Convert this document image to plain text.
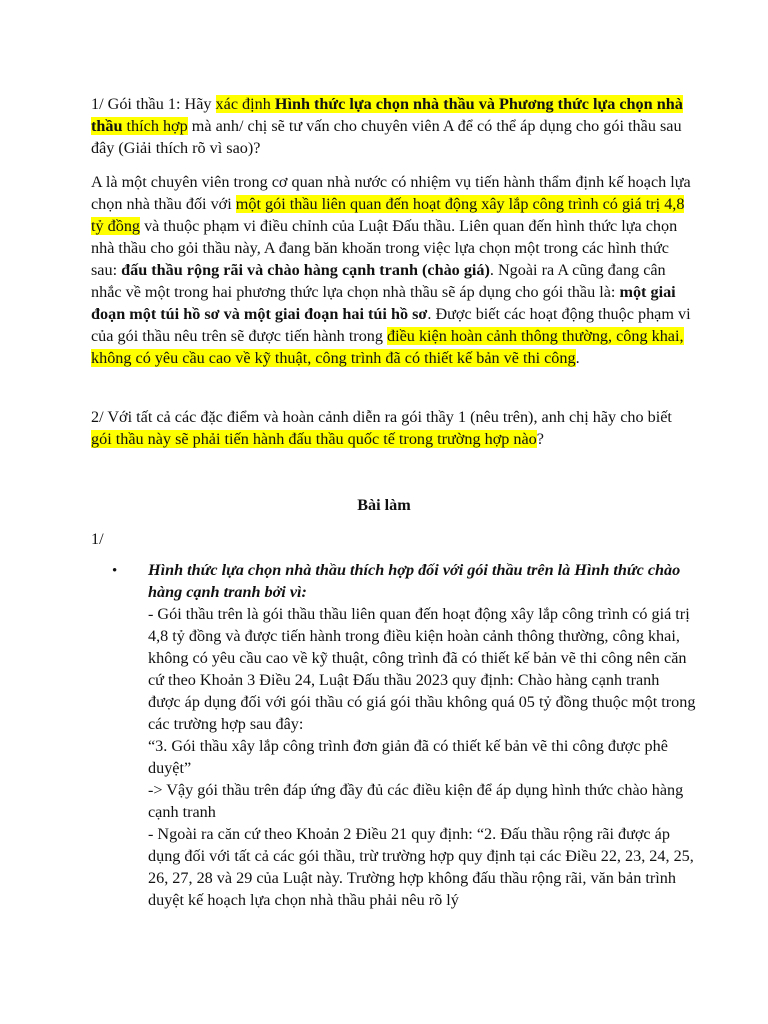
1/ Gói thầu 1: Hãy xác định Hình thức lựa chọn nhà thầu và Phương thức lựa chọn nhà thầu thích hợp mà anh/ chị sẽ tư vấn cho chuyên viên A để có thể áp dụng cho gói thầu sau đây (Giải thích rõ vì sao)?

A là một chuyên viên trong cơ quan nhà nước có nhiệm vụ tiến hành thẩm định kế hoạch lựa chọn nhà thầu đối với một gói thầu liên quan đến hoạt động xây lắp công trình có giá trị 4,8 tỷ đồng và thuộc phạm vi điều chỉnh của Luật Đấu thầu. Liên quan đến hình thức lựa chọn nhà thầu cho gỏi thầu này, A đang băn khoăn trong việc lựa chọn một trong các hình thức sau: đấu thầu rộng rãi và chào hàng cạnh tranh (chào giá). Ngoài ra A cũng đang cân nhắc về một trong hai phương thức lựa chọn nhà thầu sẽ áp dụng cho gói thầu là: một giai đoạn một túi hồ sơ và một giai đoạn hai túi hồ sơ. Được biết các hoạt động thuộc phạm vi của gói thầu nêu trên sẽ được tiến hành trong điều kiện hoàn cảnh thông thường, công khai, không có yêu cầu cao về kỹ thuật, công trình đã có thiết kế bản vẽ thi công.

2/ Với tất cả các đặc điểm và hoàn cảnh diễn ra gói thầy 1 (nêu trên), anh chị hãy cho biết gói thầu này sẽ phải tiến hành đấu thầu quốc tế trong trường hợp nào?

Bài làm

1/

• Hình thức lựa chọn nhà thầu thích hợp đối với gói thầu trên là Hình thức chào hàng cạnh tranh bởi vì:

- Gói thầu trên là gói thầu thầu liên quan đến hoạt động xây lắp công trình có giá trị 4,8 tỷ đồng và được tiến hành trong điều kiện hoàn cảnh thông thường, công khai, không có yêu cầu cao về kỹ thuật, công trình đã có thiết kế bản vẽ thi công nên căn cứ theo Khoản 3 Điều 24, Luật Đấu thầu 2023 quy định: Chào hàng cạnh tranh được áp dụng đối với gói thầu có giá gói thầu không quá 05 tỷ đồng thuộc một trong các trường hợp sau đây:

“3. Gói thầu xây lắp công trình đơn giản đã có thiết kế bản vẽ thi công được phê duyệt”

-> Vậy gói thầu trên đáp ứng đầy đủ các điều kiện để áp dụng hình thức chào hàng cạnh tranh

- Ngoài ra căn cứ theo Khoản 2 Điều 21 quy định: “2. Đấu thầu rộng rãi được áp dụng đối với tất cả các gói thầu, trừ trường hợp quy định tại các Điều 22, 23, 24, 25, 26, 27, 28 và 29 của Luật này. Trường hợp không đấu thầu rộng rãi, văn bản trình duyệt kế hoạch lựa chọn nhà thầu phải nêu rõ lý
